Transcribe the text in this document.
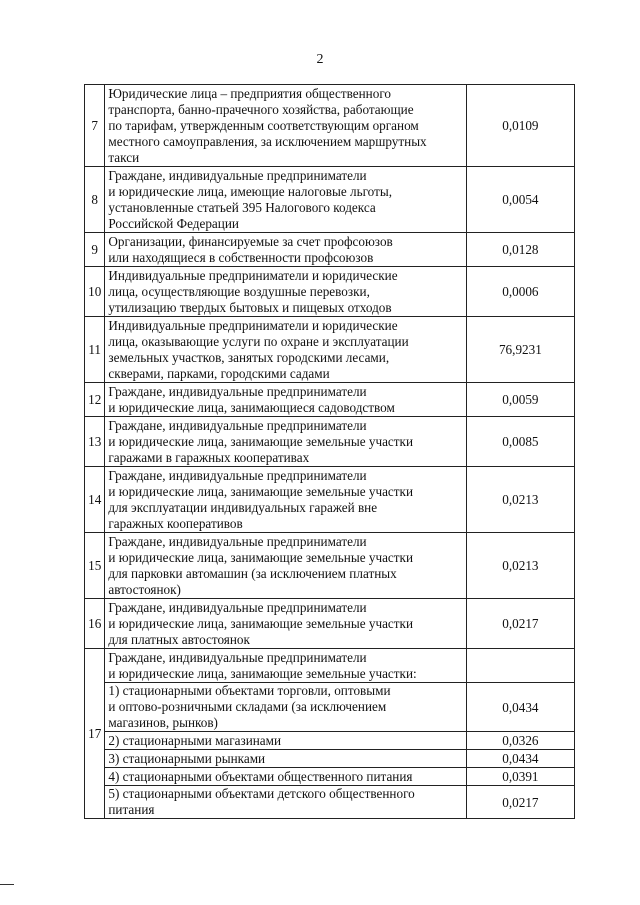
2
7	Юридические лица – предприятия общественного
транспорта, банно-прачечного хозяйства, работающие
по тарифам, утвержденным соответствующим органом
местного самоуправления, за исключением маршрутных
такси	0,0109
8	Граждане, индивидуальные предприниматели
и юридические лица, имеющие налоговые льготы,
установленные статьей 395 Налогового кодекса
Российской Федерации	0,0054
9	Организации, финансируемые за счет профсоюзов
или находящиеся в собственности профсоюзов	0,0128
10	Индивидуальные предприниматели и юридические
лица, осуществляющие воздушные перевозки,
утилизацию твердых бытовых и пищевых отходов	0,0006
11	Индивидуальные предприниматели и юридические
лица, оказывающие услуги по охране и эксплуатации
земельных участков, занятых городскими лесами,
скверами, парками, городскими садами	76,9231
12	Граждане, индивидуальные предприниматели
и юридические лица, занимающиеся садоводством	0,0059
13	Граждане, индивидуальные предприниматели
и юридические лица, занимающие земельные участки
гаражами в гаражных кооперативах	0,0085
14	Граждане, индивидуальные предприниматели
и юридические лица, занимающие земельные участки
для эксплуатации индивидуальных гаражей вне
гаражных кооперативов	0,0213
15	Граждане, индивидуальные предприниматели
и юридические лица, занимающие земельные участки
для парковки автомашин (за исключением платных
автостоянок)	0,0213
16	Граждане, индивидуальные предприниматели
и юридические лица, занимающие земельные участки
для платных автостоянок	0,0217
17	Граждане, индивидуальные предприниматели
и юридические лица, занимающие земельные участки:	

	1) стационарными объектами торговли, оптовыми
и оптово-розничными складами (за исключением
магазинов, рынков)	0,0434

	2) стационарными магазинами	0,0326

	3) стационарными рынками	0,0434

	4) стационарными объектами общественного питания	0,0391

	5) стационарными объектами детского общественного
питания	0,0217
